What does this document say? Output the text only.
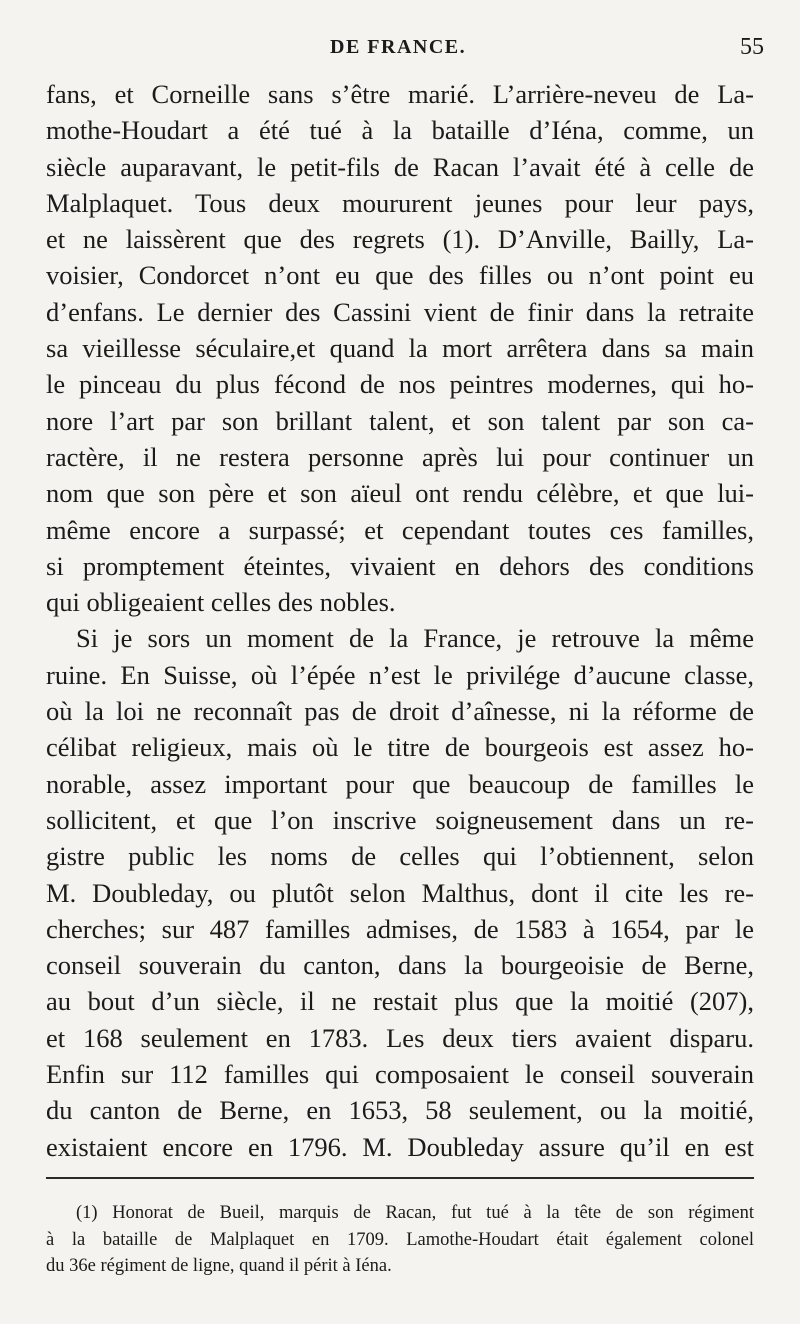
DE FRANCE.	55
fans, et Corneille sans s’être marié. L’arrière-neveu de La-
mothe-Houdart a été tué à la bataille d’Iéna, comme, un
siècle auparavant, le petit-fils de Racan l’avait été à celle de
Malplaquet. Tous deux moururent jeunes pour leur pays,
et ne laissèrent que des regrets (1). D’Anville, Bailly, La-
voisier, Condorcet n’ont eu que des filles ou n’ont point eu
d’enfans. Le dernier des Cassini vient de finir dans la retraite
sa vieillesse séculaire,et quand la mort arrêtera dans sa main
le pinceau du plus fécond de nos peintres modernes, qui ho-
nore l’art par son brillant talent, et son talent par son ca-
ractère, il ne restera personne après lui pour continuer un
nom que son père et son aïeul ont rendu célèbre, et que lui-
même encore a surpassé; et cependant toutes ces familles,
si promptement éteintes, vivaient en dehors des conditions
qui obligeaient celles des nobles.
Si je sors un moment de la France, je retrouve la même
ruine. En Suisse, où l’épée n’est le privilége d’aucune classe,
où la loi ne reconnaît pas de droit d’aînesse, ni la réforme de
célibat religieux, mais où le titre de bourgeois est assez ho-
norable, assez important pour que beaucoup de familles le
sollicitent, et que l’on inscrive soigneusement dans un re-
gistre public les noms de celles qui l’obtiennent, selon
M. Doubleday, ou plutôt selon Malthus, dont il cite les re-
cherches; sur 487 familles admises, de 1583 à 1654, par le
conseil souverain du canton, dans la bourgeoisie de Berne,
au bout d’un siècle, il ne restait plus que la moitié (207),
et 168 seulement en 1783. Les deux tiers avaient disparu.
Enfin sur 112 familles qui composaient le conseil souverain
du canton de Berne, en 1653, 58 seulement, ou la moitié,
existaient encore en 1796. M. Doubleday assure qu’il en est
(1) Honorat de Bueil, marquis de Racan, fut tué à la tête de son régiment
à la bataille de Malplaquet en 1709. Lamothe-Houdart était également colonel
du 36e régiment de ligne, quand il périt à Iéna.
